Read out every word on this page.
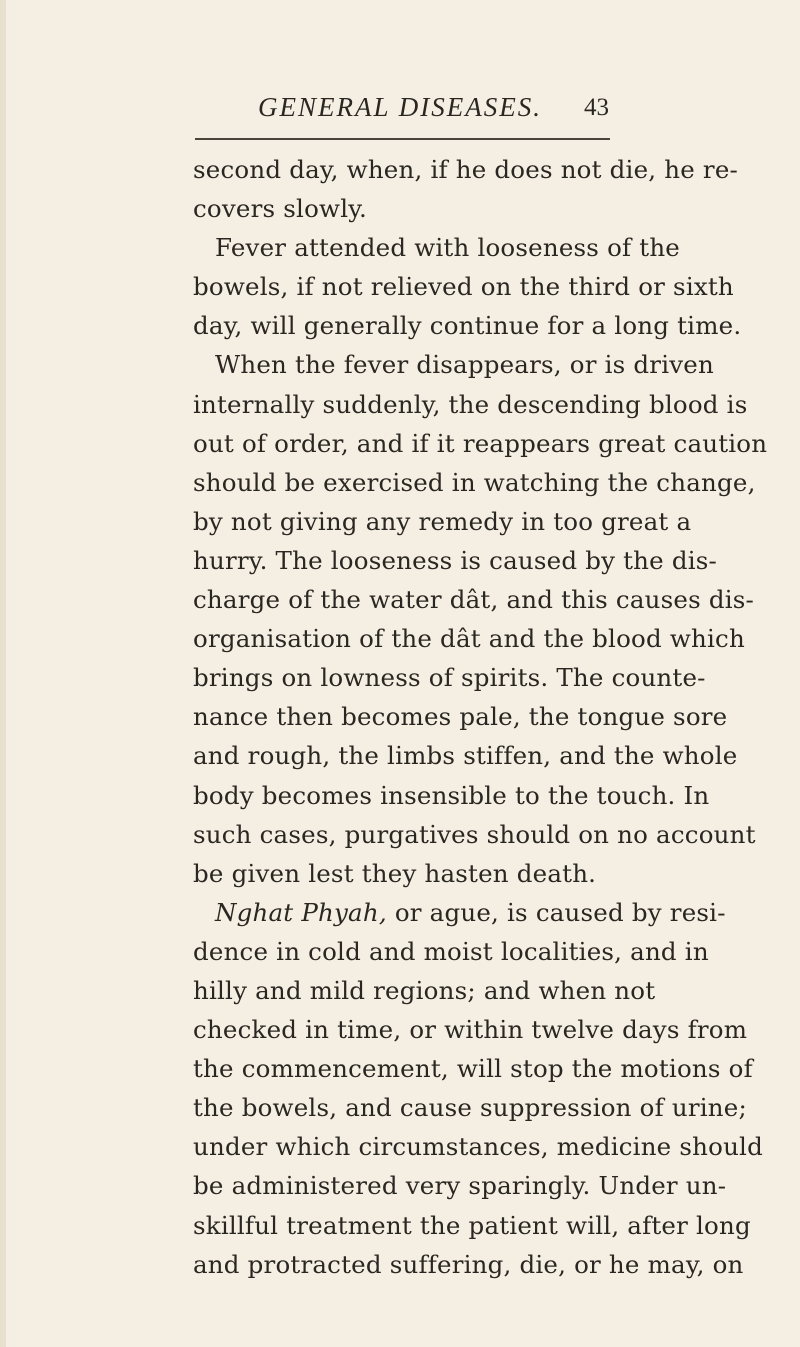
GENERAL DISEASES.	43
second day, when, if he does not die, he re-
covers slowly.
Fever attended with looseness of the
bowels, if not relieved on the third or sixth
day, will generally continue for a long time.
When the fever disappears, or is driven
internally suddenly, the descending blood is
out of order, and if it reappears great caution
should be exercised in watching the change,
by not giving any remedy in too great a
hurry. The looseness is caused by the dis-
charge of the water dât, and this causes dis-
organisation of the dât and the blood which
brings on lowness of spirits. The counte-
nance then becomes pale, the tongue sore
and rough, the limbs stiffen, and the whole
body becomes insensible to the touch. In
such cases, purgatives should on no account
be given lest they hasten death.
Nghat Phyah, or ague, is caused by resi-
dence in cold and moist localities, and in
hilly and mild regions; and when not
checked in time, or within twelve days from
the commencement, will stop the motions of
the bowels, and cause suppression of urine;
under which circumstances, medicine should
be administered very sparingly. Under un-
skillful treatment the patient will, after long
and protracted suffering, die, or he may, on
